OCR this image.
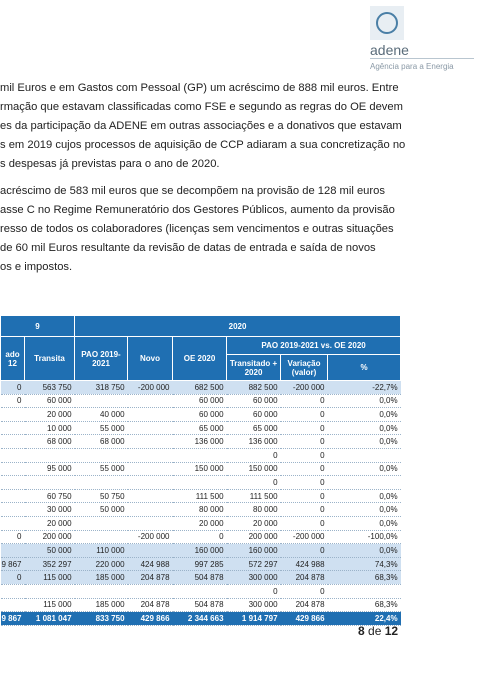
adene
Agência para a Energia
mil Euros e em Gastos com Pessoal (GP) um acréscimo de 888 mil euros. Entre
rmação que estavam classificadas como FSE e segundo as regras do OE devem
es da participação da ADENE em outras associações e a donativos que estavam
s em 2019 cujos processos de aquisição de CCP adiaram a sua concretização no
s despesas já previstas para o ano de 2020.
acréscimo de 583 mil euros que se decompõem na provisão de 128 mil euros
asse C no Regime Remuneratório dos Gestores Públicos, aumento da provisão
resso de todos os colaboradores (licenças sem vencimentos e outras situações
de 60 mil Euros resultante da revisão de datas de entrada e saída de novos
os e impostos.
9		2020					
ado
12	Transita	PAO 2019-2021	Novo	OE 2020	PAO 2019-2021 vs. OE 2020		
					Transitado + 2020	Variação (valor)	%
0	563 750	318 750	-200 000	682 500	882 500	-200 000	-22,7%
0	60 000			60 000	60 000	0	0,0%
	20 000	40 000		60 000	60 000	0	0,0%
	10 000	55 000		65 000	65 000	0	0,0%
	68 000	68 000		136 000	136 000	0	0,0%
					0	0	
	95 000	55 000		150 000	150 000	0	0,0%
					0	0	
	60 750	50 750		111 500	111 500	0	0,0%
	30 000	50 000		80 000	80 000	0	0,0%
	20 000			20 000	20 000	0	0,0%
0	200 000		-200 000	0	200 000	-200 000	-100,0%
	50 000	110 000		160 000	160 000	0	0,0%
9 867	352 297	220 000	424 988	997 285	572 297	424 988	74,3%
0	115 000	185 000	204 878	504 878	300 000	204 878	68,3%
					0	0	
	115 000	185 000	204 878	504 878	300 000	204 878	68,3%
9 867	1 081 047	833 750	429 866	2 344 663	1 914 797	429 866	22,4%
8 de 12
